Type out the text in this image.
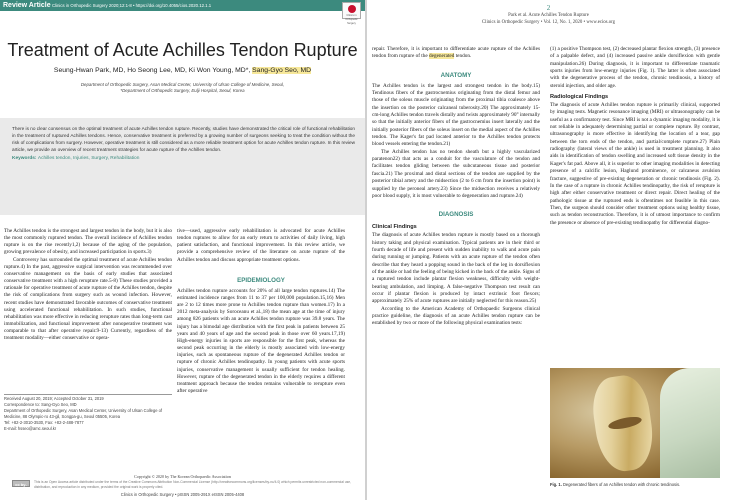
Review Article Clinics in Orthopedic Surgery 2020;12:1-8 • https://doi.org/10.4055/cios.2020.12.1.1
Clinics in Orthopedic Surgery
Treatment of Acute Achilles Tendon Rupture
Seung-Hwan Park, MD, Ho Seong Lee, MD, Ki Won Young, MD*, Sang-Gyo Seo, MD
Department of Orthopedic Surgery, Asan Medical Center, University of Ulsan College of Medicine, Seoul,
*Department of Orthopedic Surgery, Eulji Hospital, Seoul, Korea

There is no clear consensus on the optimal treatment of acute Achilles tendon rupture. Recently, studies have demonstrated the critical role of functional rehabilitation in the treatment of ruptured Achilles tendons. Hence, conservative treatment is preferred by a growing number of surgeons seeking to treat the condition without the risk of complications from surgery. However, operative treatment is still considered as a more reliable treatment option for acute Achilles tendon rupture. In this review article, we provide an overview of recent treatment strategies for acute rupture of the Achilles tendon.

Keywords: Achilles tendon, Injuries, Surgery, Rehabilitation

The Achilles tendon is the strongest and largest tendon in the body, but it is also the most commonly ruptured tendon. The overall incidence of Achilles tendon rupture is on the rise recently1,2) because of the aging of the population, growing prevalence of obesity, and increased participation in sports.3)

Controversy has surrounded the optimal treatment of acute Achilles tendon rupture.4) In the past, aggressive surgical intervention was recommended over conservative management on the basis of early studies that associated conservative treatment with a high rerupture rate.5-8) These studies provided a rationale for operative treatment of acute rupture of the Achilles tendon, despite the risk of complications from surgery such as wound infection. However, recent studies have demonstrated favorable outcomes of conservative treatment using accelerated functional rehabilitation. In such studies, functional rehabilitation was more effective in reducing rerupture rates than long-term cast immobilization, and functional improvement after nonoperative treatment was comparable to that after operative repair.9-13) Currently, regardless of the treatment modality—either conservative or opera-

tive—used, aggressive early rehabilitation is advocated for acute Achilles tendon ruptures to allow for an early return to activities of daily living, high patient satisfaction, and functional improvement. In this review article, we provide a comprehensive review of the literature on acute rupture of the Achilles tendon and discuss appropriate treatment options.

EPIDEMIOLOGY

Achilles tendon rupture accounts for 20% of all large tendon ruptures.14) The estimated incidence ranges from 11 to 37 per 100,000 population.15,16) Men are 2 to 12 times more prone to Achilles tendon rupture than women.17) In a 2012 meta-analysis by Soroceanu et al.,18) the mean age at the time of injury among 826 patients with an acute Achilles tendon rupture was 39.8 years. The injury has a bimodal age distribution with the first peak in patients between 25 years and 40 years of age and the second peak in those over 60 years.17,19) High-energy injuries in sports are responsible for the first peak, whereas the second peak occurring in the elderly is mostly associated with low-energy injuries, such as spontaneous rupture of the degenerated Achilles tendon or rupture of chronic Achilles tendinopathy. In young patients with acute sports injuries, conservative management is usually sufficient for tendon healing. However, rupture of the degenerated tendon in the elderly requires a different treatment approach because the tendon remains vulnerable to rerupture even after operative

Received August 20, 2019; Accepted October 31, 2019
Correspondence to: Sang-Gyo Seo, MD
Department of Orthopedic Surgery, Asan Medical Center, University of Ulsan College of Medicine, 88 Olympic-ro 43-gil, Songpa-gu, Seoul 05505, Korea
Tel: +82-2-3010-3530, Fax: +82-2-488-7877
E-mail: hsseo@amc.seoul.kr
Copyright © 2020 by The Korean Orthopaedic Association
cc by-nc
This is an Open Access article distributed under the terms of the Creative Commons Attribution Non-Commercial License (http://creativecommons.org/licenses/by-nc/4.0) which permits unrestricted non-commercial use, distribution, and reproduction in any medium, provided the original work is properly cited.
Clinics in Orthopedic Surgery • pISSN 2005-291X eISSN 2005-4408
2
Park et al. Acute Achilles Tendon Rupture
Clinics in Orthopedic Surgery • Vol. 12, No. 1, 2020 • www.ecios.org

repair. Therefore, it is important to differentiate acute rupture of the Achilles tendon from rupture of the degenerated tendon.

ANATOMY

The Achilles tendon is the largest and strongest tendon in the body.15) Tendinous fibers of the gastrocnemius originating from the distal femur and those of the soleus muscle originating from the proximal tibia coalesce above the insertion on the posterior calcaneal tuberosity.20) The approximately 15-cm-long Achilles tendon travels distally and twists approximately 90° internally so that the initially anterior fibers of the gastrocnemius insert laterally and the initially posterior fibers of the soleus insert on the medial aspect of the Achilles tendon. The Kager's fat pad located anterior to the Achilles tendon protects blood vessels entering the tendon.21)

The Achilles tendon has no tendon sheath but a highly vascularized paratenon22) that acts as a conduit for the vasculature of the tendon and facilitates tendon gliding between the subcutaneous tissue and posterior fascia.21) The proximal and distal sections of the tendon are supplied by the posterior tibial artery and the midsection (2 to 6 cm from the insertion point) is supplied by the peroneal artery.23) Since the midsection receives a relatively poor blood supply, it is most vulnerable to degeneration and rupture.24)

DIAGNOSIS
Clinical Findings

The diagnosis of acute Achilles tendon rupture is mostly based on a thorough history taking and physical examination. Typical patients are in their third or fourth decade of life and present with sudden inability to walk and acute pain during running or jumping. Patients with an acute rupture of the tendon often describe that they heard a popping sound in the back of the leg in dorsiflexion of the ankle or had the feeling of being kicked in the back of the ankle. Signs of a ruptured tendon include plantar flexion weakness, difficulty with weight-bearing ambulation, and limping. A false-negative Thompson test result can occur if plantar flexion is produced by intact extrinsic foot flexors; approximately 25% of acute ruptures are initially neglected for this reason.25)

According to the American Academy of Orthopaedic Surgeons clinical practice guideline, the diagnosis of an acute Achilles tendon rupture can be established by two or more of the following physical examination tests:

(1) a positive Thompson test, (2) decreased plantar flexion strength, (3) presence of a palpable defect, and (4) increased passive ankle dorsiflexion with gentle manipulation.26) During diagnosis, it is important to differentiate traumatic sports injuries from low-energy injuries (Fig. 1). The latter is often associated with the degenerative process of the tendon, chronic tendinosis, a history of steroid injection, and older age.

Radiological Findings

The diagnosis of acute Achilles tendon rupture is primarily clinical, supported by imaging tests. Magnetic resonance imaging (MRI) or ultrasonography can be useful as a confirmatory test. Since MRI is not a dynamic imaging modality, it is not reliable in adequately determining partial or complete rupture. By contrast, ultrasonography is more effective in identifying the location of a tear, gap between the torn ends of the tendon, and partial/complete rupture.27) Plain radiography (lateral views of the ankle) is used in treatment planning. It also aids in identification of tendon swelling and increased soft tissue density in the Kager's fat pad. Above all, it is superior to other imaging modalities in detecting presence of a calcific lesion, Haglund prominence, or calcaneus avulsion fracture, suggestive of pre-existing degeneration or chronic tendinosis (Fig. 2). In the case of a rupture in chronic Achilles tendinopathy, the risk of rerupture is high after either conservative treatment or direct repair. Direct healing of the pathologic tissue at the ruptured ends is oftentimes not feasible in this case. Then, the surgeon should consider other treatment options using healthy tissue, such as tendon reconstruction. Therefore, it is of utmost importance to confirm the presence or absence of pre-existing tendinopathy for differential diagno-

Fig. 1. Degenerated fibers of an Achilles tendon with chronic tendinosis.
